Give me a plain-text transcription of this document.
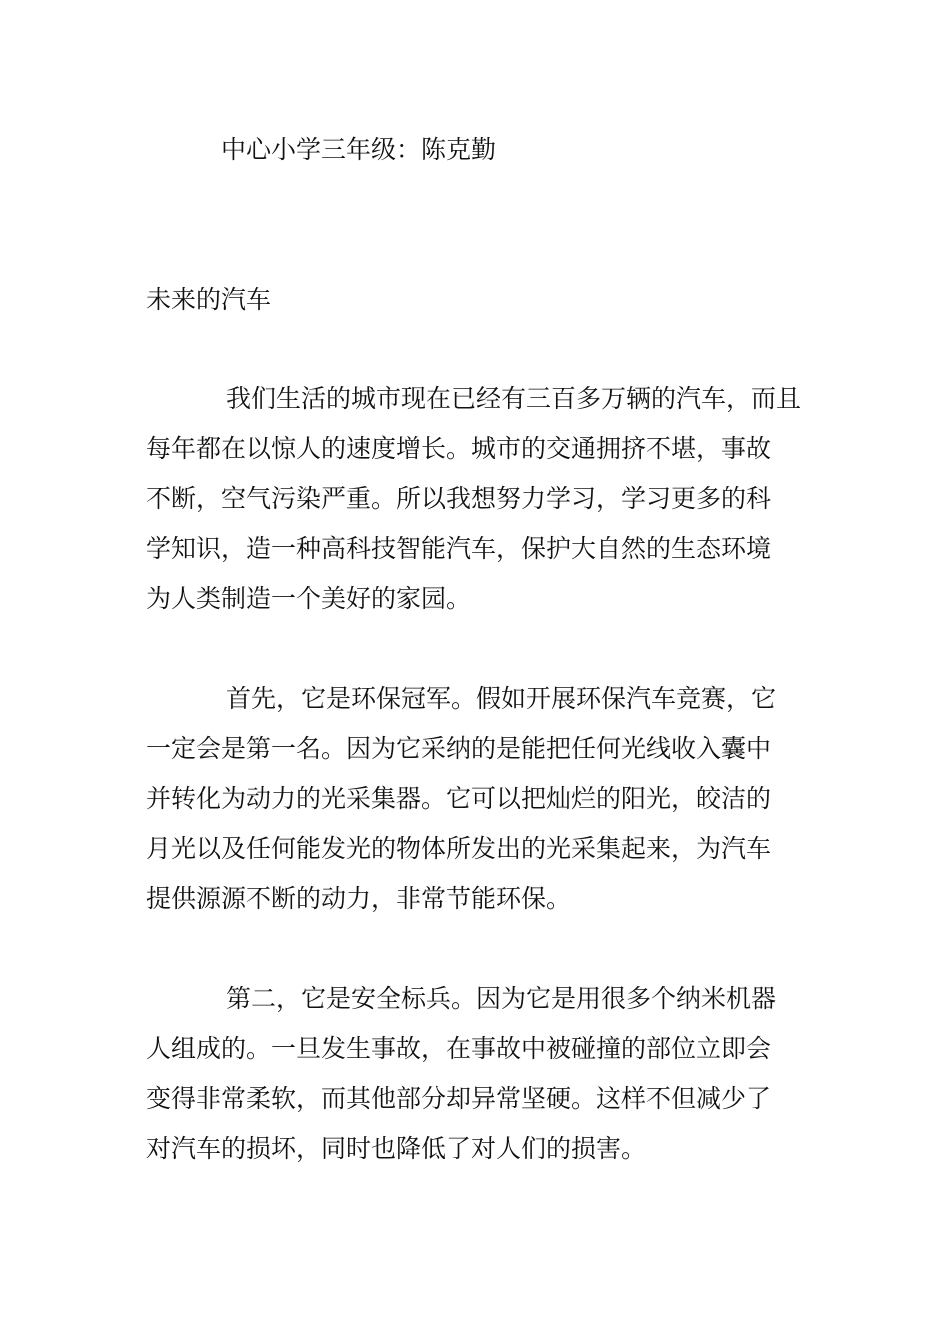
中心小学三年级：陈克勤
未来的汽车

我们生活的城市现在已经有三百多万辆的汽车，而且
每年都在以惊人的速度增长。城市的交通拥挤不堪，事故
不断，空气污染严重。所以我想努力学习，学习更多的科
学知识，造一种高科技智能汽车，保护大自然的生态环境
为人类制造一个美好的家园。

首先，它是环保冠军。假如开展环保汽车竞赛，它
一定会是第一名。因为它采纳的是能把任何光线收入囊中
并转化为动力的光采集器。它可以把灿烂的阳光，皎洁的
月光以及任何能发光的物体所发出的光采集起来，为汽车
提供源源不断的动力，非常节能环保。

第二，它是安全标兵。因为它是用很多个纳米机器
人组成的。一旦发生事故，在事故中被碰撞的部位立即会
变得非常柔软，而其他部分却异常坚硬。这样不但减少了
对汽车的损坏，同时也降低了对人们的损害。
